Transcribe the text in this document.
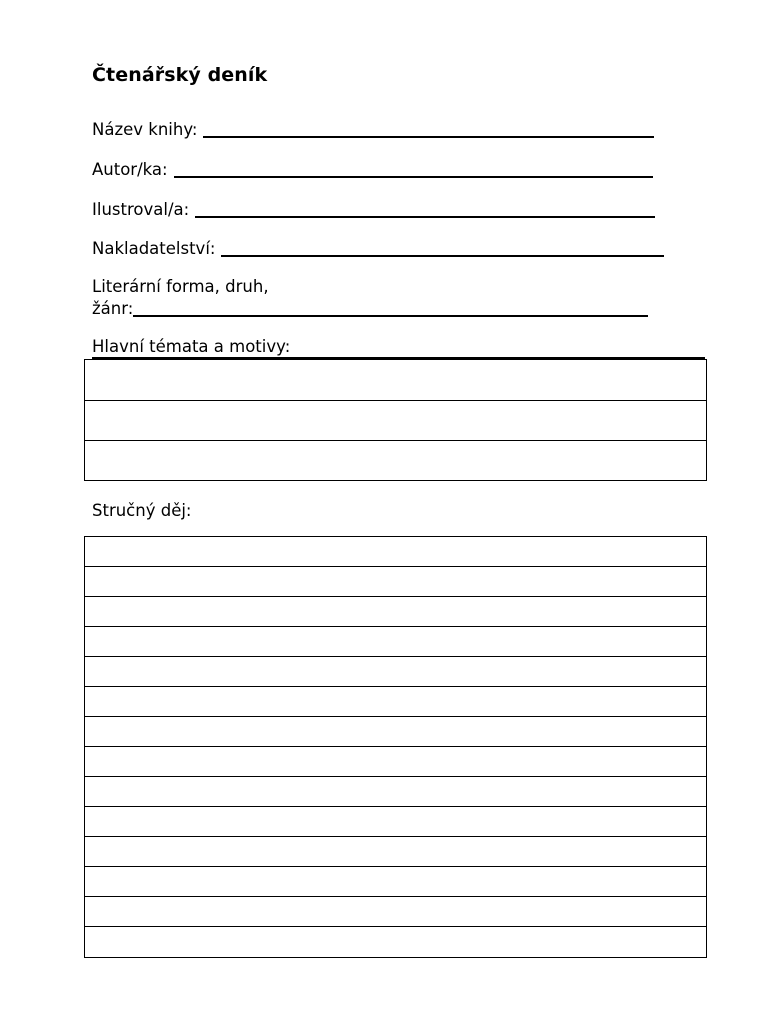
Čtenářský deník
Název knihy:
Autor/ka:
Ilustroval/a:
Nakladatelství:
Literární forma, druh,
žánr:
Hlavní témata a motivy:
Stručný děj:
